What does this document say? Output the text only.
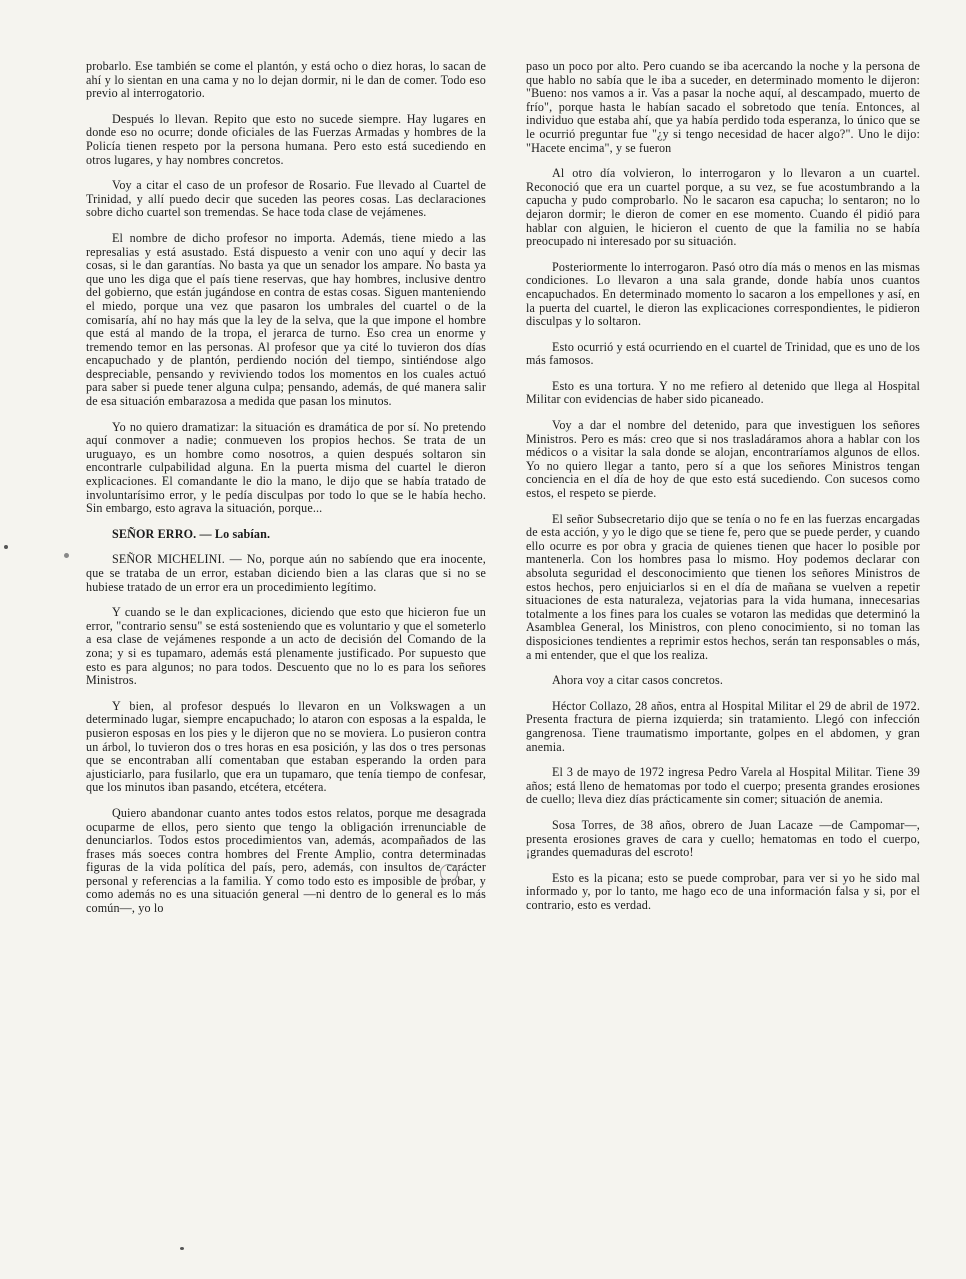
probarlo. Ese también se come el plantón, y está ocho o diez horas, lo sacan de ahí y lo sientan en una cama y no lo dejan dormir, ni le dan de comer. Todo eso previo al interrogatorio.

Después lo llevan. Repito que esto no sucede siempre. Hay lugares en donde eso no ocurre; donde oficiales de las Fuerzas Armadas y hombres de la Policía tienen respeto por la persona humana. Pero esto está sucediendo en otros lugares, y hay nombres concretos.

Voy a citar el caso de un profesor de Rosario. Fue llevado al Cuartel de Trinidad, y allí puedo decir que suceden las peores cosas. Las declaraciones sobre dicho cuartel son tremendas. Se hace toda clase de vejámenes.

El nombre de dicho profesor no importa. Además, tiene miedo a las represalias y está asustado. Está dispuesto a venir con uno aquí y decir las cosas, si le dan garantías. No basta ya que un senador los ampare. No basta ya que uno les diga que el país tiene reservas, que hay hombres, inclusive dentro del gobierno, que están jugándose en contra de estas cosas. Siguen manteniendo el miedo, porque una vez que pasaron los umbrales del cuartel o de la comisaría, ahí no hay más que la ley de la selva, que la que impone el hombre que está al mando de la tropa, el jerarca de turno. Eso crea un enorme y tremendo temor en las personas. Al profesor que ya cité lo tuvieron dos días encapuchado y de plantón, perdiendo noción del tiempo, sintiéndose algo despreciable, pensando y reviviendo todos los momentos en los cuales actuó para saber si puede tener alguna culpa; pensando, además, de qué manera salir de esa situación embarazosa a medida que pasan los minutos.

Yo no quiero dramatizar: la situación es dramática de por sí. No pretendo aquí conmover a nadie; conmueven los propios hechos. Se trata de un uruguayo, es un hombre como nosotros, a quien después soltaron sin encontrarle culpabilidad alguna. En la puerta misma del cuartel le dieron explicaciones. El comandante le dio la mano, le dijo que se había tratado de involuntarísimo error, y le pedía disculpas por todo lo que se le había hecho. Sin embargo, esto agrava la situación, porque...

SEÑOR ERRO. — Lo sabían.

SEÑOR MICHELINI. — No, porque aún no sabíendo que era inocente, que se trataba de un error, estaban diciendo bien a las claras que si no se hubiese tratado de un error era un procedimiento legítimo.

Y cuando se le dan explicaciones, diciendo que esto que hicieron fue un error, "contrario sensu" se está sosteniendo que es voluntario y que el someterlo a esa clase de vejámenes responde a un acto de decisión del Comando de la zona; y si es tupamaro, además está plenamente justificado. Por supuesto que esto es para algunos; no para todos. Descuento que no lo es para los señores Ministros.

Y bien, al profesor después lo llevaron en un Volkswagen a un determinado lugar, siempre encapuchado; lo ataron con esposas a la espalda, le pusieron esposas en los pies y le dijeron que no se moviera. Lo pusieron contra un árbol, lo tuvieron dos o tres horas en esa posición, y las dos o tres personas que se encontraban allí comentaban que estaban esperando la orden para ajusticiarlo, para fusilarlo, que era un tupamaro, que tenía tiempo de confesar, que los minutos iban pasando, etcétera, etcétera.

Quiero abandonar cuanto antes todos estos relatos, porque me desagrada ocuparme de ellos, pero siento que tengo la obligación irrenunciable de denunciarlos. Todos estos procedimientos van, además, acompañados de las frases más soeces contra hombres del Frente Amplio, contra determinadas figuras de la vida política del país, pero, además, con insultos de carácter personal y referencias a la familia. Y como todo esto es imposible de probar, y como además no es una situación general —ni dentro de lo general es lo más común—, yo lo

paso un poco por alto. Pero cuando se iba acercando la noche y la persona de que hablo no sabía que le iba a suceder, en determinado momento le dijeron: "Bueno: nos vamos a ir. Vas a pasar la noche aquí, al descampado, muerto de frío", porque hasta le habían sacado el sobretodo que tenía. Entonces, al individuo que estaba ahí, que ya había perdido toda esperanza, lo único que se le ocurrió preguntar fue "¿y si tengo necesidad de hacer algo?". Uno le dijo: "Hacete encima", y se fueron

Al otro día volvieron, lo interrogaron y lo llevaron a un cuartel. Reconoció que era un cuartel porque, a su vez, se fue acostumbrando a la capucha y pudo comprobarlo. No le sacaron esa capucha; lo sentaron; no lo dejaron dormir; le dieron de comer en ese momento. Cuando él pidió para hablar con alguien, le hicieron el cuento de que la familia no se había preocupado ni interesado por su situación.

Posteriormente lo interrogaron. Pasó otro día más o menos en las mismas condiciones. Lo llevaron a una sala grande, donde había unos cuantos encapuchados. En determinado momento lo sacaron a los empellones y así, en la puerta del cuartel, le dieron las explicaciones correspondientes, le pidieron disculpas y lo soltaron.

Esto ocurrió y está ocurriendo en el cuartel de Trinidad, que es uno de los más famosos.

Esto es una tortura. Y no me refiero al detenido que llega al Hospital Militar con evidencias de haber sido picaneado.

Voy a dar el nombre del detenido, para que investiguen los señores Ministros. Pero es más: creo que si nos trasladáramos ahora a hablar con los médicos o a visitar la sala donde se alojan, encontraríamos algunos de ellos. Yo no quiero llegar a tanto, pero sí a que los señores Ministros tengan conciencia en el día de hoy de que esto está sucediendo. Con sucesos como estos, el respeto se pierde.

El señor Subsecretario dijo que se tenía o no fe en las fuerzas encargadas de esta acción, y yo le digo que se tiene fe, pero que se puede perder, y cuando ello ocurre es por obra y gracia de quienes tienen que hacer lo posible por mantenerla. Con los hombres pasa lo mismo. Hoy podemos declarar con absoluta seguridad el desconocimiento que tienen los señores Ministros de estos hechos, pero enjuiciarlos si en el día de mañana se vuelven a repetir situaciones de esta naturaleza, vejatorias para la vida humana, innecesarias totalmente a los fines para los cuales se votaron las medidas que determinó la Asamblea General, los Ministros, con pleno conocimiento, si no toman las disposiciones tendientes a reprimir estos hechos, serán tan responsables o más, a mi entender, que el que los realiza.

Ahora voy a citar casos concretos.

Héctor Collazo, 28 años, entra al Hospital Militar el 29 de abril de 1972. Presenta fractura de pierna izquierda; sin tratamiento. Llegó con infección gangrenosa. Tiene traumatismo importante, golpes en el abdomen, y gran anemia.

El 3 de mayo de 1972 ingresa Pedro Varela al Hospital Militar. Tiene 39 años; está lleno de hematomas por todo el cuerpo; presenta grandes erosiones de cuello; lleva diez días prácticamente sin comer; situación de anemia.

Sosa Torres, de 38 años, obrero de Juan Lacaze —de Campomar—, presenta erosiones graves de cara y cuello; hematomas en todo el cuerpo, ¡grandes quemaduras del escroto!

Esto es la picana; esto se puede comprobar, para ver si yo he sido mal informado y, por lo tanto, me hago eco de una información falsa y si, por el contrario, esto es verdad.
